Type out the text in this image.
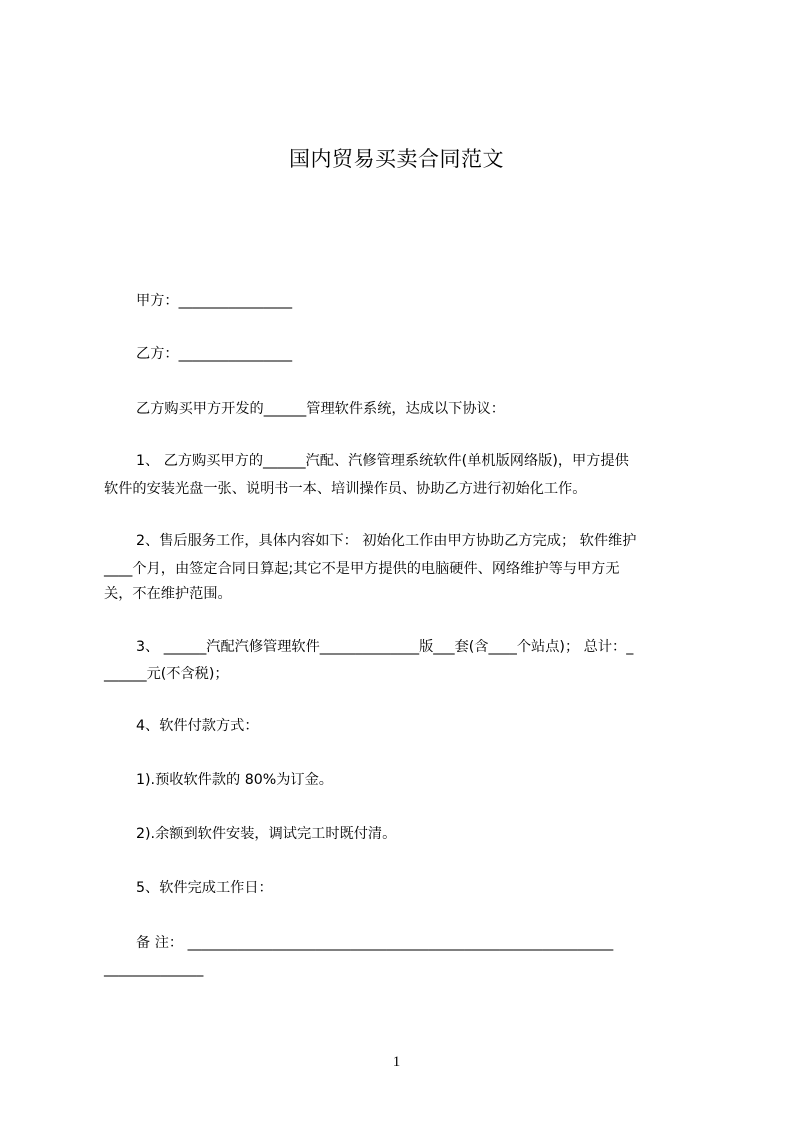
国内贸易买卖合同范文
甲方：________________
乙方：________________
乙方购买甲方开发的______管理软件系统，达成以下协议：
1、 乙方购买甲方的______汽配、汽修管理系统软件(单机版网络版)，甲方提供
软件的安装光盘一张、说明书一本、培训操作员、协助乙方进行初始化工作。
2、售后服务工作，具体内容如下： 初始化工作由甲方协助乙方完成； 软件维护
____个月，由签定合同日算起;其它不是甲方提供的电脑硬件、网络维护等与甲方无
关，不在维护范围。
3、 ______汽配汽修管理软件______________版___套(含____个站点)； 总计：_
______元(不含税)；
4、软件付款方式：
1).预收软件款的 80%为订金。
2).余额到软件安装，调试完工时既付清。
5、软件完成工作日：
备 注： ____________________________________________________________
______________
1
